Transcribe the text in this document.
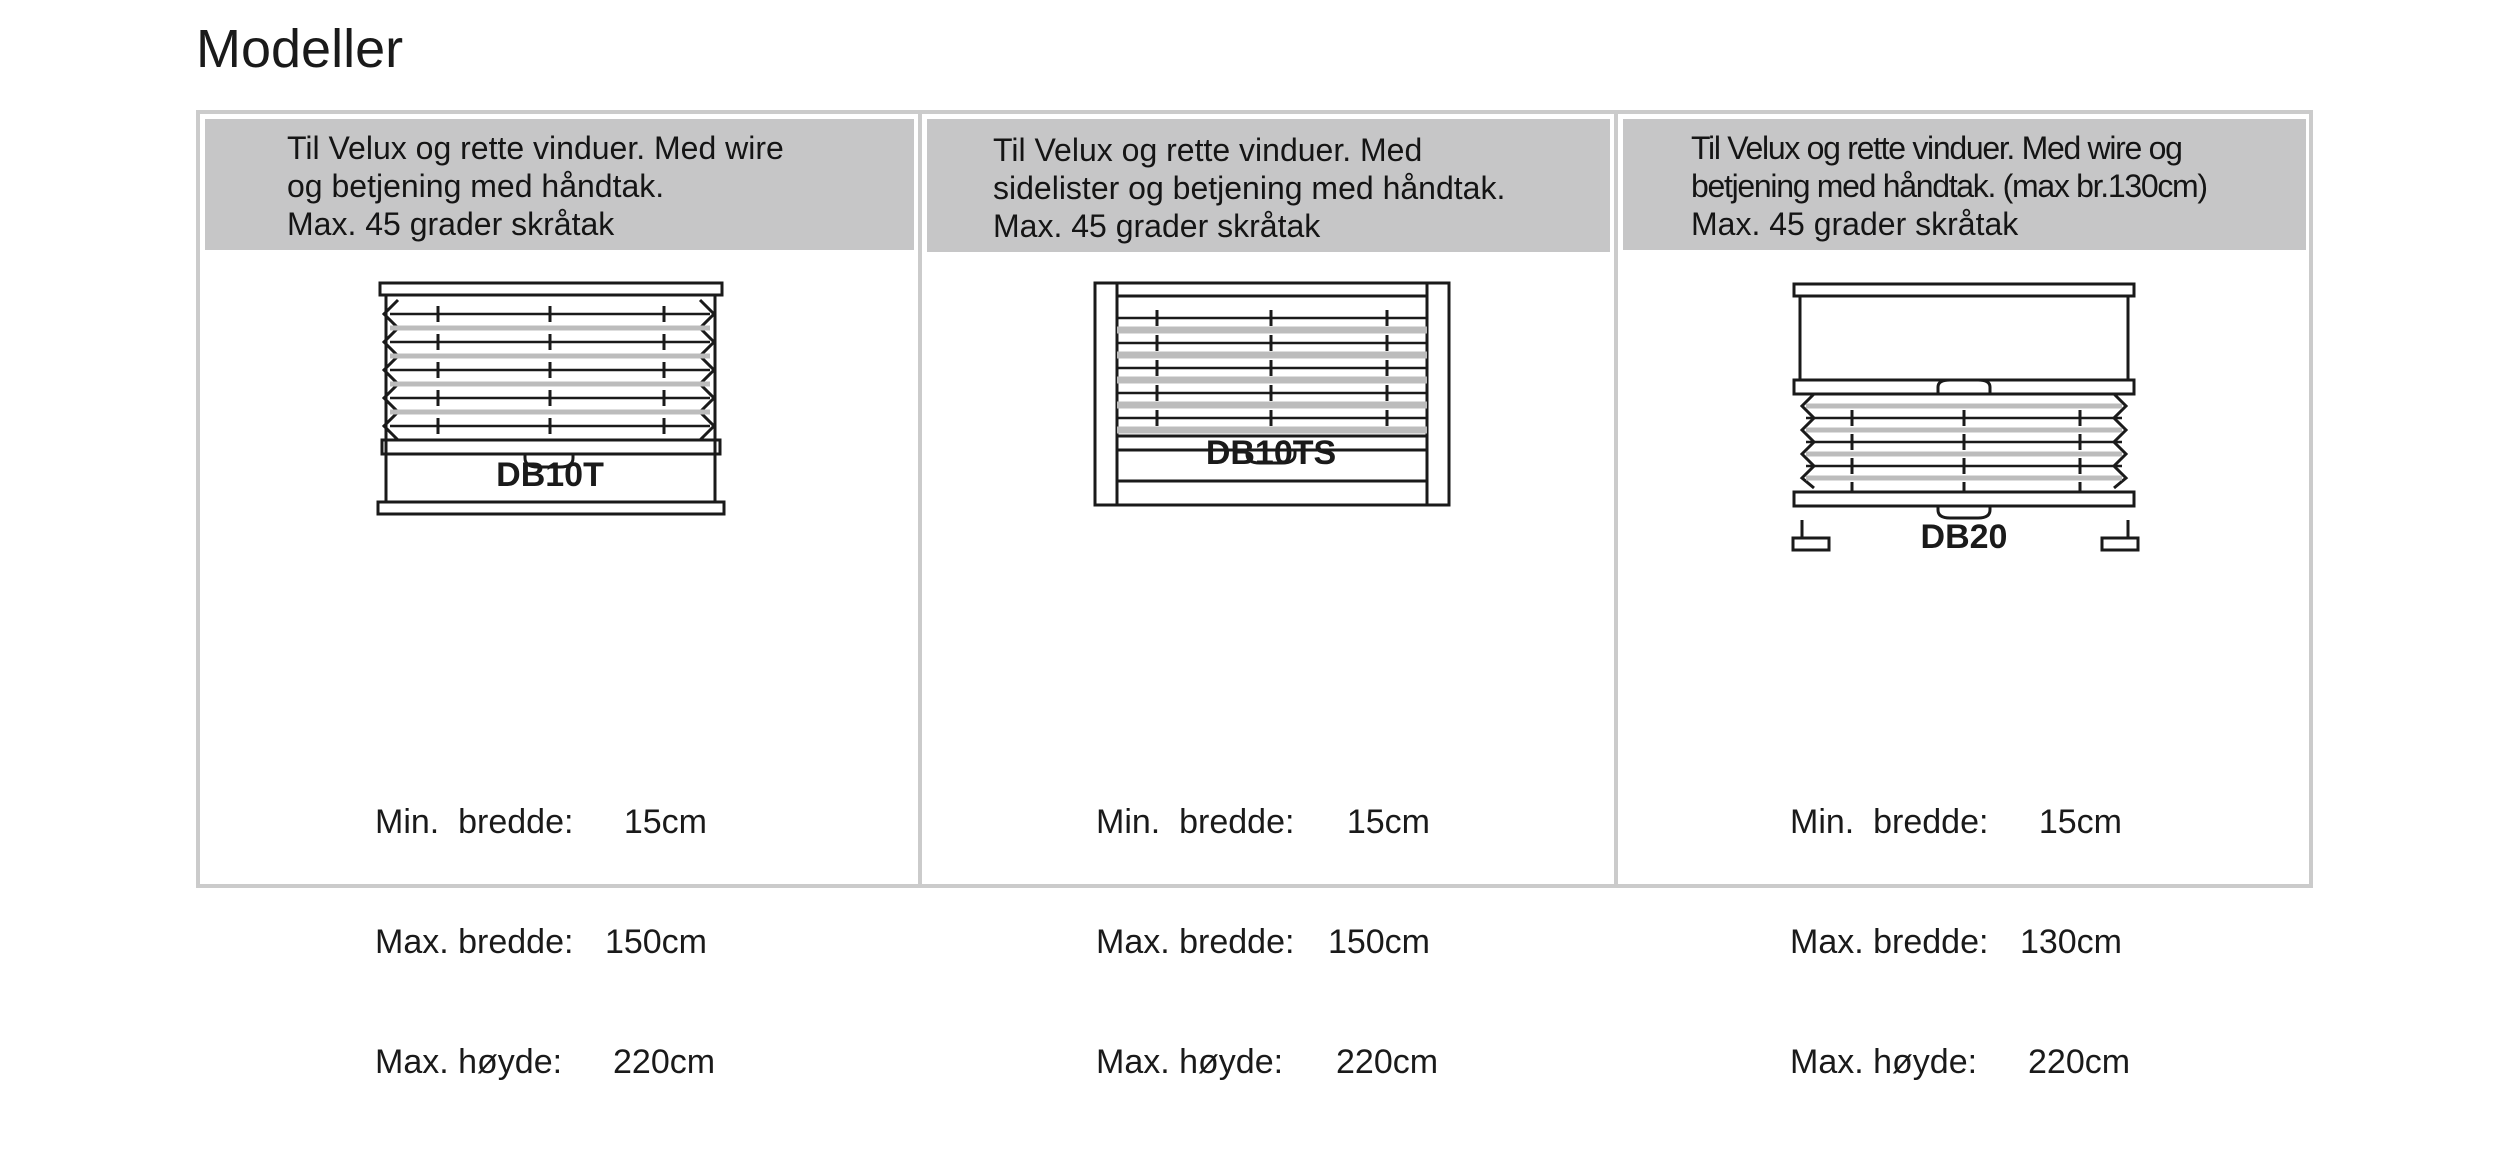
Modeller

Til Velux og rette vinduer. Med wire

og betjening med håndtak.

Max. 45 grader skråtak

DB10T

Min.  bredde:	15cm

Max. bredde: 150cm

Max. høyde:	220cm

Til Velux og rette vinduer. Med

sidelister og betjening med håndtak.

Max. 45 grader skråtak

DB10TS

Min.  bredde:	15cm

Max. bredde: 150cm

Max. høyde:	220cm

Til Velux og rette vinduer. Med wire og

betjening med håndtak. (max br.130cm)

Max. 45 grader skråtak

DB20

Min.  bredde:	15cm

Max. bredde: 130cm

Max. høyde:	220cm
